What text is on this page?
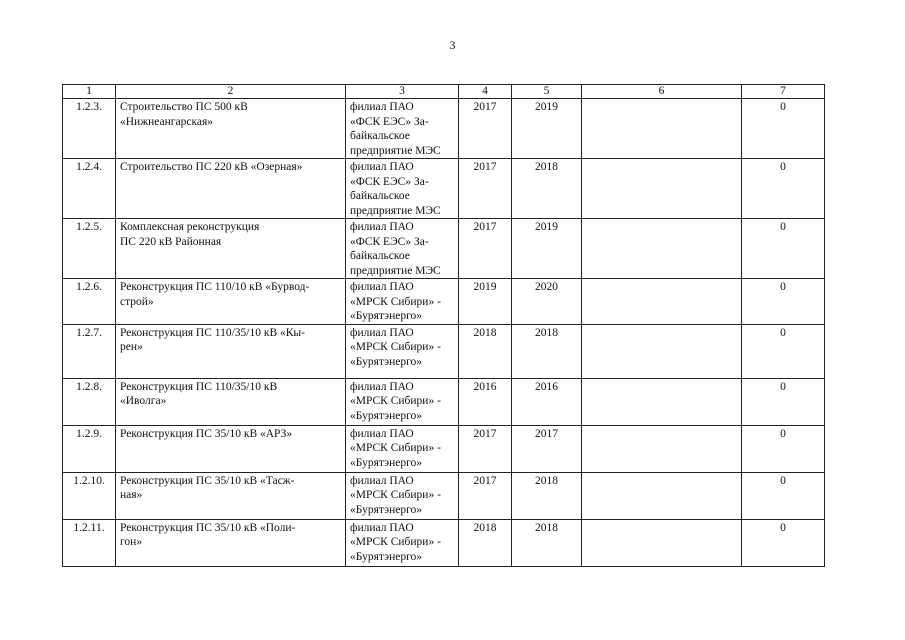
3
1	2	3	4	5	6	7
1.2.3.	Строительство ПС 500 кВ
«Нижнеангарская»	филиал ПАО
«ФСК ЕЭС» За-
байкальское
предприятие МЭС	2017	2019		0
1.2.4.	Строительство ПС 220 кВ «Озерная»	филиал ПАО
«ФСК ЕЭС» За-
байкальское
предприятие МЭС	2017	2018		0
1.2.5.	Комплексная реконструкция
ПС 220 кВ Районная	филиал ПАО
«ФСК ЕЭС» За-
байкальское
предприятие МЭС	2017	2019		0
1.2.6.	Реконструкция ПС 110/10 кВ «Бурвод-
строй»	филиал ПАО
«МРСК Сибири» -
«Бурятэнерго»	2019	2020		0
1.2.7.	Реконструкция ПС 110/35/10 кВ «Кы-
рен»	филиал ПАО
«МРСК Сибири» -
«Бурятэнерго»	2018	2018		0
1.2.8.	Реконструкция ПС 110/35/10 кВ
«Иволга»	филиал ПАО
«МРСК Сибири» -
«Бурятэнерго»	2016	2016		0
1.2.9.	Реконструкция ПС 35/10 кВ «АРЗ»	филиал ПАО
«МРСК Сибири» -
«Бурятэнерго»	2017	2017		0
1.2.10.	Реконструкция ПС 35/10 кВ «Тасж-
ная»	филиал ПАО
«МРСК Сибири» -
«Бурятэнерго»	2017	2018		0
1.2.11.	Реконструкция ПС 35/10 кВ «Поли-
гон»	филиал ПАО
«МРСК Сибири» -
«Бурятэнерго»	2018	2018		0
